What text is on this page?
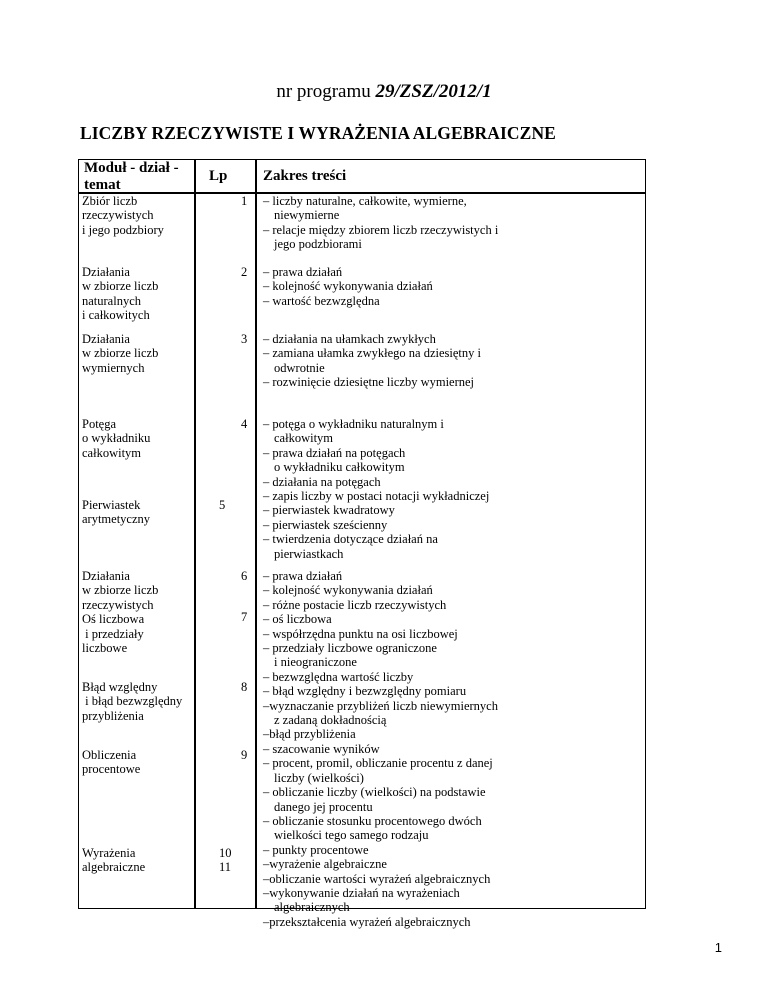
nr programu 29/ZSZ/2012/1
LICZBY RZECZYWISTE I WYRAŻENIA ALGEBRAICZNE
Moduł - dział -
temat
Lp Zakres treści
Zbiór liczb
rzeczywistych
i jego podzbiory
Działania
w zbiorze liczb
naturalnych
i całkowitych
Działania
w zbiorze liczb
wymiernych
Potęga
o wykładniku
całkowitym
Pierwiastek
arytmetyczny
Działania
w zbiorze liczb
rzeczywistych
Oś liczbowa
i przedziały
liczbowe
Błąd względny
i błąd bezwzględny
przybliżenia
Obliczenia
procentowe
Wyrażenia
algebraiczne
1
2
3
4
5
6
7
8
9
10
11
– liczby naturalne, całkowite, wymierne,
niewymierne
– relacje między zbiorem liczb rzeczywistych i
jego podzbiorami
– prawa działań
– kolejność wykonywania działań
– wartość bezwzględna
– działania na ułamkach zwykłych
– zamiana ułamka zwykłego na dziesiętny i
odwrotnie
– rozwinięcie dziesiętne liczby wymiernej
– potęga o wykładniku naturalnym i
całkowitym
– prawa działań na potęgach
o wykładniku całkowitym
– działania na potęgach
– zapis liczby w postaci notacji wykładniczej
– pierwiastek kwadratowy
– pierwiastek sześcienny
– twierdzenia dotyczące działań na
pierwiastkach
– prawa działań
– kolejność wykonywania działań
– różne postacie liczb rzeczywistych
– oś liczbowa
– współrzędna punktu na osi liczbowej
– przedziały liczbowe ograniczone
i nieograniczone
– bezwzględna wartość liczby
– błąd względny i bezwzględny pomiaru
–wyznaczanie przybliżeń liczb niewymiernych
z zadaną dokładnością
–błąd przybliżenia
– szacowanie wyników
– procent, promil, obliczanie procentu z danej
liczby (wielkości)
– obliczanie liczby (wielkości) na podstawie
danego jej procentu
– obliczanie stosunku procentowego dwóch
wielkości tego samego rodzaju
– punkty procentowe
–wyrażenie algebraiczne
–obliczanie wartości wyrażeń algebraicznych
–wykonywanie działań na wyrażeniach
algebraicznych
–przekształcenia wyrażeń algebraicznych
1
